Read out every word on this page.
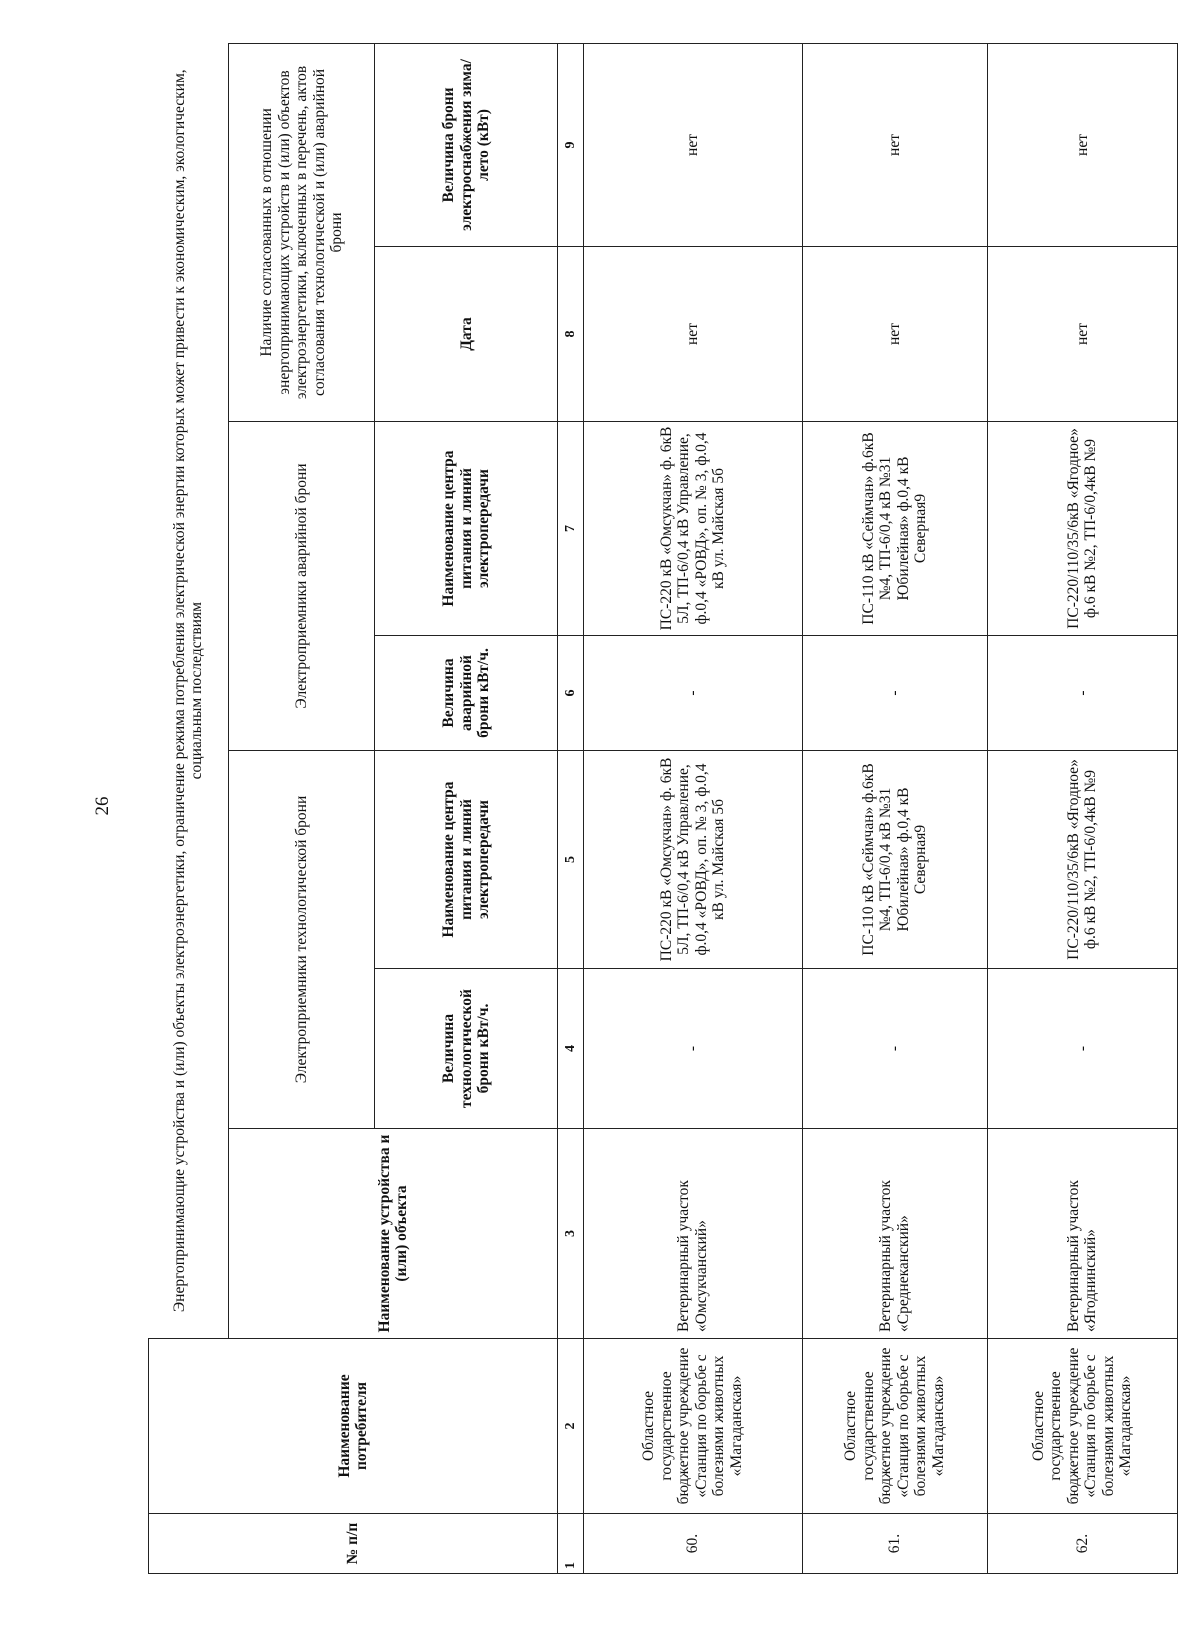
26
№ п/п	Наименование потребителя	Энергопринимающие устройства и (или) объекты электроэнергетики, ограничение режима потребления электрической энергии которых может привести к экономическим, экологическим, социальным последствиям						
		Наименование устройства и (или) объекта	Электроприемники технологической брони		Электроприемники аварийной брони		Наличие согласованных в отношении энергопринимающих устройств и (или) объектов электроэнергетики, включенных в перечень, актов согласования технологической и (или) аварийной брони	
			Величина технологической брони кВт/ч.	Наименование центра питания и линий электропередачи	Величина аварийной брони кВт/ч.	Наименование центра питания и линий электропередачи	Дата	Величина брони электроснабжения зима/лето (кВт)
1	2	3	4	5	6	7	8	9
60.	Областное государственное бюджетное учреждение «Станция по борьбе с болезнями животных «Магаданская»	Ветеринарный участок «Омсукчанский»	-	ПС-220 кВ «Омсукчан» ф. 6кВ 5Л, ТП-6/0,4 кВ Управление, ф.0,4 «РОВД», оп. № 3, ф.0,4 кВ ул. Майская 5б	-	ПС-220 кВ «Омсукчан» ф. 6кВ 5Л, ТП-6/0,4 кВ Управление, ф.0,4 «РОВД», оп. № 3, ф.0,4 кВ ул. Майская 5б	нет	нет
61.	Областное государственное бюджетное учреждение «Станция по борьбе с болезнями животных «Магаданская»	Ветеринарный участок «Среднеканский»	-	ПС-110 кВ «Сеймчан» ф.6кВ №4, ТП-6/0,4 кВ №31 Юбилейная» ф.0,4 кВ Северная9	-	ПС-110 кВ «Сеймчан» ф.6кВ №4, ТП-6/0,4 кВ №31 Юбилейная» ф.0,4 кВ Северная9	нет	нет
62.	Областное государственное бюджетное учреждение «Станция по борьбе с болезнями животных «Магаданская»	Ветеринарный участок «Ягоднинский»	-	ПС-220/110/35/6кВ «Ягодное» ф.6 кВ №2, ТП-6/0,4кВ №9	-	ПС-220/110/35/6кВ «Ягодное» ф.6 кВ №2, ТП-6/0,4кВ №9	нет	нет
